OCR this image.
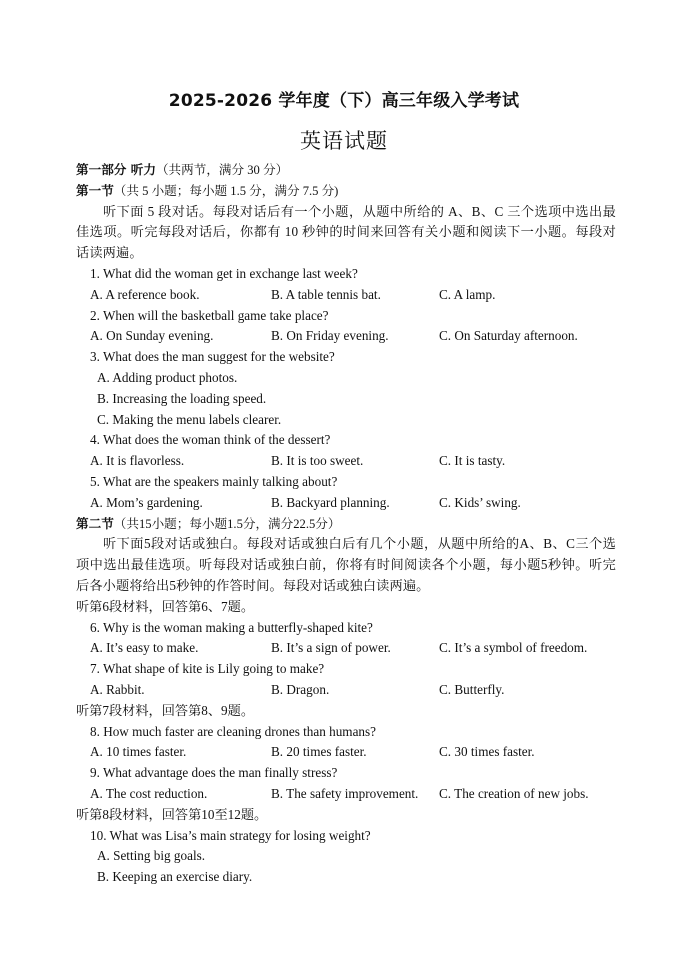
2025-2026 学年度（下）高三年级入学考试
英语试题
第一部分 听力（共两节，满分 30 分）
第一节（共 5 小题；每小题 1.5 分，满分 7.5 分)
听下面 5 段对话。每段对话后有一个小题，从题中所给的 A、B、C 三个选项中选出最佳选项。听完每段对话后，你都有 10 秒钟的时间来回答有关小题和阅读下一小题。每段对话读两遍。
1. What did the woman get in exchange last week?
A. A reference book.	B. A table tennis bat.	C. A lamp.
2. When will the basketball game take place?
A. On Sunday evening.	B. On Friday evening.	C. On Saturday afternoon.
3. What does the man suggest for the website?
A. Adding product photos.
B. Increasing the loading speed.
C. Making the menu labels clearer.
4. What does the woman think of the dessert?
A. It is flavorless.	B. It is too sweet.	C. It is tasty.
5. What are the speakers mainly talking about?
A. Mom’s gardening.	B. Backyard planning.	C. Kids’ swing.
第二节（共15小题；每小题1.5分，满分22.5分）
听下面5段对话或独白。每段对话或独白后有几个小题，从题中所给的A、B、C三个选项中选出最佳选项。听每段对话或独白前，你将有时间阅读各个小题，每小题5秒钟。听完后各小题将给出5秒钟的作答时间。每段对话或独白读两遍。
听第6段材料，回答第6、7题。
6. Why is the woman making a butterfly-shaped kite?
A. It’s easy to make.	B. It’s a sign of power.	C. It’s a symbol of freedom.
7. What shape of kite is Lily going to make?
A. Rabbit.	B. Dragon.	C. Butterfly.
听第7段材料，回答第8、9题。
8. How much faster are cleaning drones than humans?
A. 10 times faster.	B. 20 times faster.	C. 30 times faster.
9. What advantage does the man finally stress?
A. The cost reduction.	B. The safety improvement.	C. The creation of new jobs.
听第8段材料，回答第10至12题。
10. What was Lisa’s main strategy for losing weight?
A. Setting big goals.
B. Keeping an exercise diary.
